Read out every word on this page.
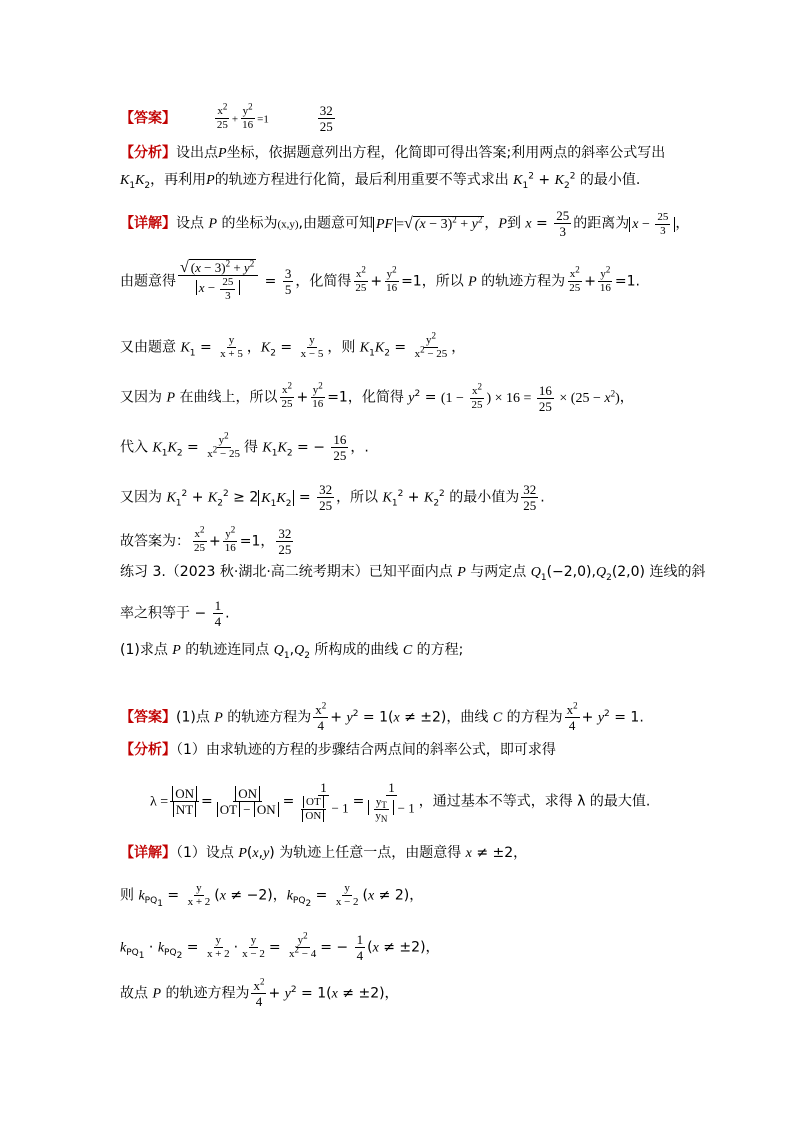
【答案】	$\frac{x^2}{25} + \frac{y^2}{16} =1$	$\frac{32}{25}$
【分析】设出点P坐标，依据题意列出方程，化简即可得出答案;利用两点的斜率公式写出
$K_1K_2$，再利用P的轨迹方程进行化简，最后利用重要不等式求出 $K_1^2 + K_2^2$ 的最小值.
【详解】设点 P 的坐标为(x,y),由题意可知 PF =√ $(x - 3)^2 + y^2$ ，P到 $x = \frac{25}{3}$ 的距离为 $x - \frac{25}{3}$ ，
由题意得 $\frac{√ (x - 3)^2 + y^2}{x - \frac{25}{3}} = \frac{3}{5}$ ，化简得 $\frac{x^2}{25} + \frac{y^2}{16} =1$，所以 P 的轨迹方程为 $\frac{x^2}{25} + \frac{y^2}{16} =1$.
又由题意 $K_1 = \frac{y}{x + 5}$ ，$K_2 = \frac{y}{x - 5}$ ，则 $K_1K_2 = \frac{y^2}{x^2 - 25}$ ，
又因为 P 在曲线上，所以 $\frac{x^2}{25} + \frac{y^2}{16} =1$，化简得 $y^2 = (1 - \frac{x^2}{25}$ ) × $16 = \frac{16}{25} \times (25 - x^2)$，
代入 $K_1K_2 = \frac{y^2}{x^2 - 25}$ 得 $K_1K_2$ = − $\frac{16}{25}$ ，.
又因为 $K_1^2 + K_2^2 \ge 2$ $K_1K_2 = \frac{32}{25}$ ，所以 $K_1^2 + K_2^2$ 的最小值为 $\frac{32}{25}$ .
故答案为： $\frac{x^2}{25} + \frac{y^2}{16} =1$， $\frac{32}{25}$
练习 3.（2023 秋·湖北·高二统考期末）已知平面内点 P 与两定点 $Q_1(-2,0),Q_2(2,0)$ 连线的斜
率之积等于 − $\frac{1}{4}$ .
(1)求点 P 的轨迹连同点 $Q_1,Q_2$ 所构成的曲线 C 的方程;
【答案】(1)点 P 的轨迹方程为 $\frac{x^2}{4} + y^2 = 1(x \ne \pm 2)$，曲线 C 的方程为 $\frac{x^2}{4} + y^2 = 1$.
【分析】（1）由求轨迹的方程的步骤结合两点间的斜率公式，即可求得
$\lambda = \frac{ON}{NT} = \frac{ON}{OT - ON} = \frac{1}{\frac{OT}{ON} - 1} = \frac{1}{\frac{y_T}{y_N} - 1}$ ，通过基本不等式，求得 λ 的最大值.
【详解】（1）设点 P(x,y) 为轨迹上任意一点，由题意得 x ≠ ±2，
则 $k_{PQ_1} = \frac{y}{x + 2} (x \ne -2)$，$k_{PQ_2} = \frac{y}{x - 2} (x \ne 2)$，
$k_{PQ_1} \cdot k_{PQ_2} = \frac{y}{x + 2} \cdot \frac{y}{x - 2} = \frac{y^2}{x^2 - 4}$ = − $\frac{1}{4} (x \ne \pm 2)$，
故点 P 的轨迹方程为 $\frac{x^2}{4} + y^2 = 1(x \ne \pm 2)$，
